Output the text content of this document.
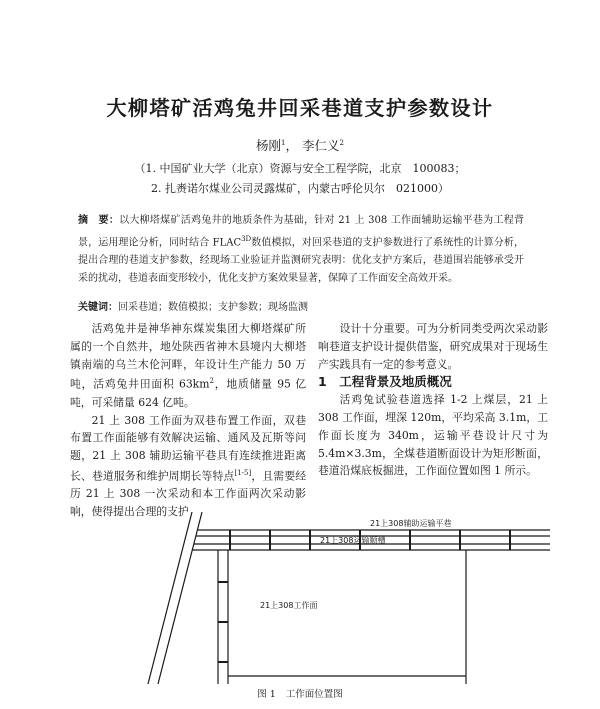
大柳塔矿活鸡兔井回采巷道支护参数设计
杨刚$^1$， 李仁义$^2$
（1. 中国矿业大学（北京）资源与安全工程学院，北京　100083；
2. 扎赉诺尔煤业公司灵露煤矿，内蒙古呼伦贝尔　021000）
摘　要：以大柳塔煤矿活鸡兔井的地质条件为基础，针对 21 上 308 工作面辅助运输平巷为工程背景，运用理论分析，同时结合 $FLAC^{3D}$数值模拟，对回采巷道的支护参数进行了系统性的计算分析，提出合理的巷道支护参数，经现场工业验证并监测研究表明：优化支护方案后，巷道围岩能够承受开采的扰动，巷道表面变形较小，优化支护方案效果显著，保障了工作面安全高效开采。
关键词：回采巷道；数值模拟；支护参数；现场监测

活鸡兔井是神华神东煤炭集团大柳塔煤矿所属的一个自然井，地处陕西省神木县境内大柳塔镇南端的乌兰木伦河畔，年设计生产能力 50 万吨，活鸡兔井田面积 $63km^2$，地质储量 95 亿吨，可采储量 624 亿吨。

21 上 308 工作面为双巷布置工作面，双巷布置工作面能够有效解决运输、通风及瓦斯等问题，21 上 308 辅助运输平巷具有连续推进距离长、巷道服务和维护周期长等特点[1-5]，且需要经历 21 上 308 一次采动和本工作面两次采动影响，使得提出合理的支护

设计十分重要。可为分析同类受两次采动影响巷道支护设计提供借鉴，研究成果对于现场生产实践具有一定的参考意义。

1　工程背景及地质概况

活鸡兔试验巷道选择 1-2 上煤层，21 上 308 工作面，埋深 120m，平均采高 3.1m，工作面长度为 340m，运输平巷设计尺寸为 5.4m×3.3m，全煤巷道断面设计为矩形断面，巷道沿煤底板掘进，工作面位置如图 1 所示。

21上308辅助运输平巷
21上308运输顺槽
21上308工作面
图 1 工作面位置图
